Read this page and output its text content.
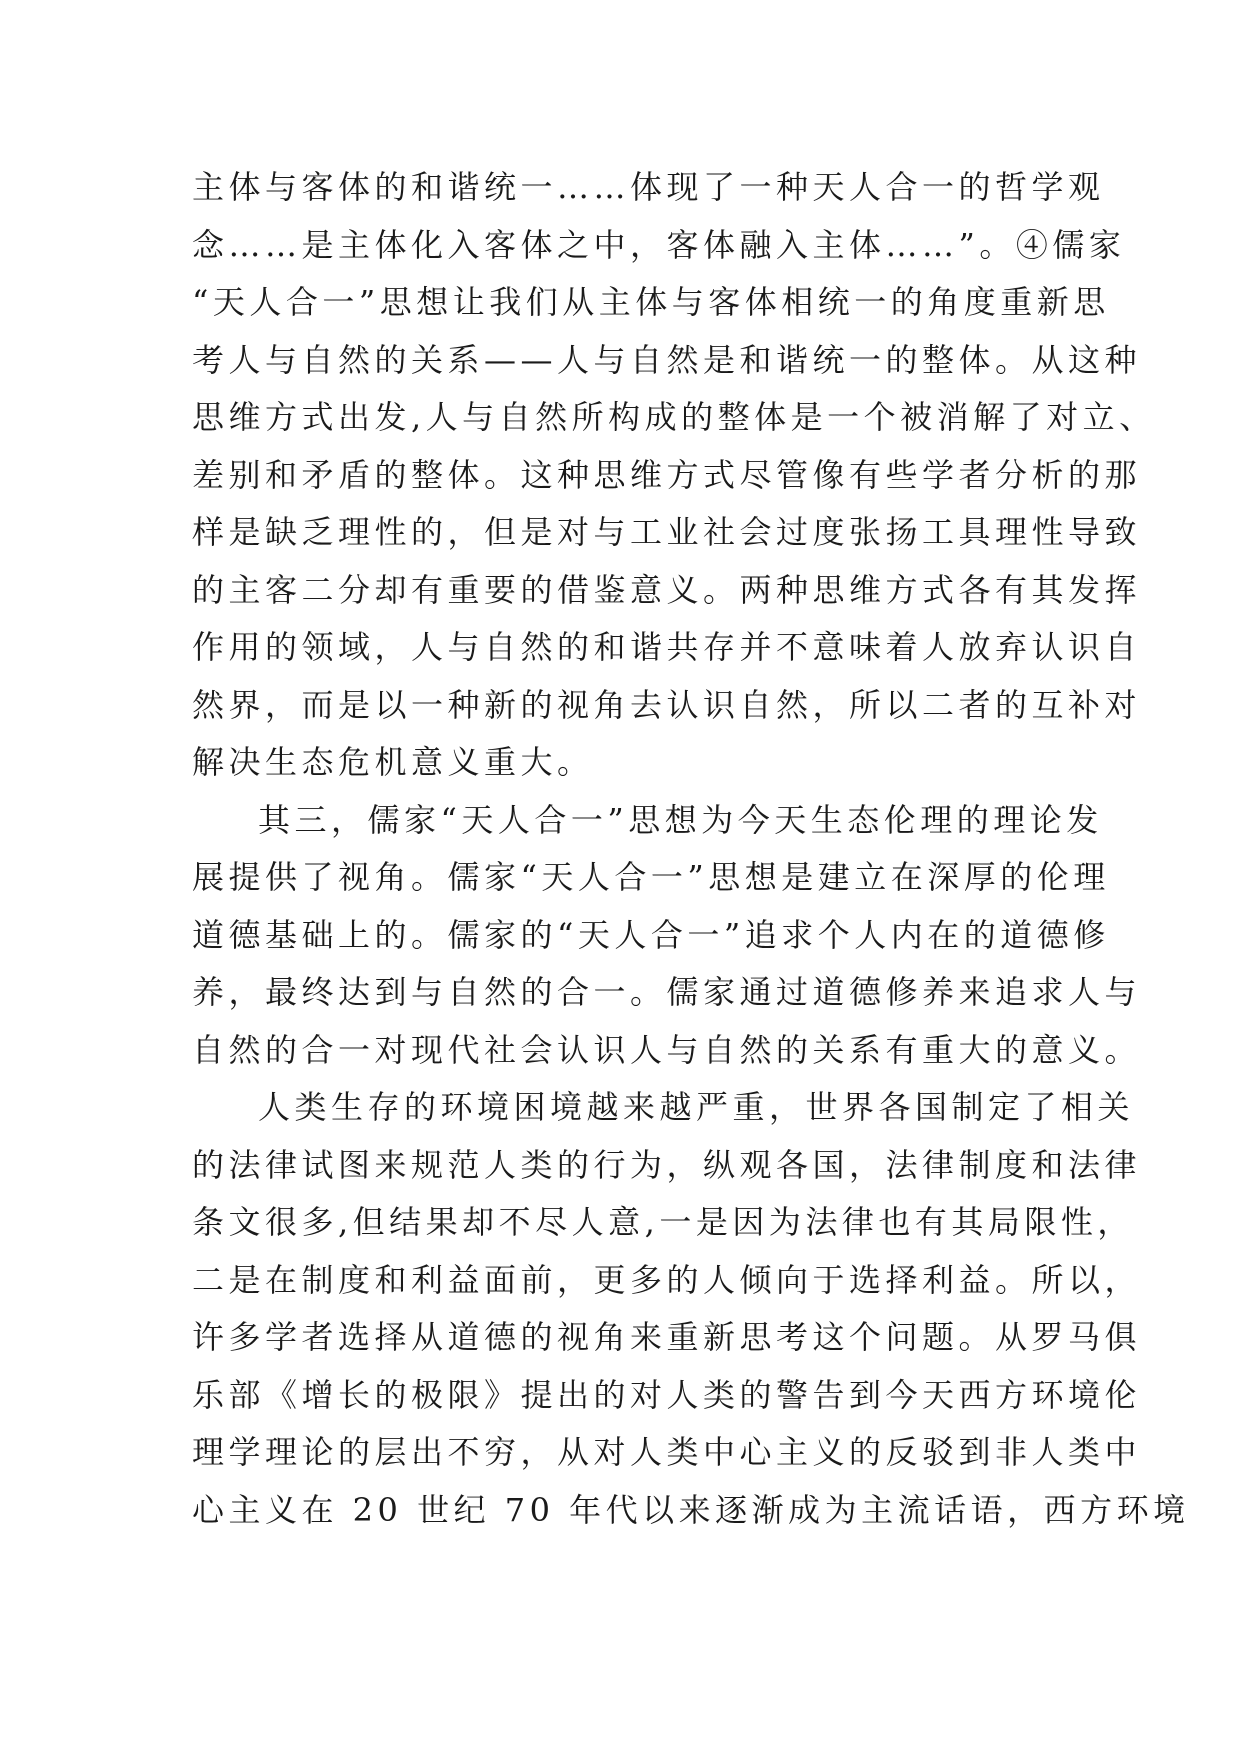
主体与客体的和谐统一……体现了一种天人合一的哲学观
念……是主体化入客体之中，客体融入主体……”。④儒家
“天人合一”思想让我们从主体与客体相统一的角度重新思
考人与自然的关系——人与自然是和谐统一的整体。从这种
思维方式出发,人与自然所构成的整体是一个被消解了对立、
差别和矛盾的整体。这种思维方式尽管像有些学者分析的那
样是缺乏理性的，但是对与工业社会过度张扬工具理性导致
的主客二分却有重要的借鉴意义。两种思维方式各有其发挥
作用的领域，人与自然的和谐共存并不意味着人放弃认识自
然界，而是以一种新的视角去认识自然，所以二者的互补对
解决生态危机意义重大。
其三，儒家“天人合一”思想为今天生态伦理的理论发
展提供了视角。儒家“天人合一”思想是建立在深厚的伦理
道德基础上的。儒家的“天人合一”追求个人内在的道德修
养，最终达到与自然的合一。儒家通过道德修养来追求人与
自然的合一对现代社会认识人与自然的关系有重大的意义。
人类生存的环境困境越来越严重，世界各国制定了相关
的法律试图来规范人类的行为，纵观各国，法律制度和法律
条文很多,但结果却不尽人意,一是因为法律也有其局限性，
二是在制度和利益面前，更多的人倾向于选择利益。所以，
许多学者选择从道德的视角来重新思考这个问题。从罗马俱
乐部《增长的极限》提出的对人类的警告到今天西方环境伦
理学理论的层出不穷，从对人类中心主义的反驳到非人类中
心主义在 20 世纪 70 年代以来逐渐成为主流话语，西方环境
